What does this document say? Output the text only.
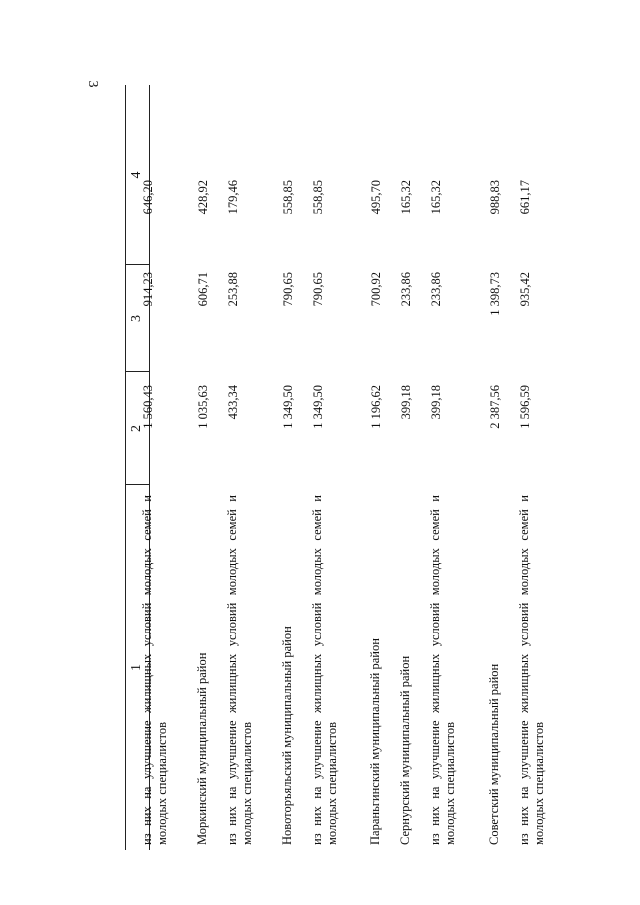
3
1
2
3
4
из них на улучшение жилищных условий молодых семей и молодых специалистов
1 560,43
914,23
646,20
Моркинский муниципальный район
1 035,63
606,71
428,92
из них на улучшение жилищных условий молодых семей и молодых специалистов
433,34
253,88
179,46
Новоторъяльский муниципальный район
1 349,50
790,65
558,85
из них на улучшение жилищных условий молодых семей и молодых специалистов
1 349,50
790,65
558,85
Параньгинский муниципальный район
1 196,62
700,92
495,70
Сернурский муниципальный район
399,18
233,86
165,32
из них на улучшение жилищных условий молодых семей и молодых специалистов
399,18
233,86
165,32
Советский муниципальный район
2 387,56
1 398,73
988,83
из них на улучшение жилищных условий молодых семей и молодых специалистов
1 596,59
935,42
661,17
